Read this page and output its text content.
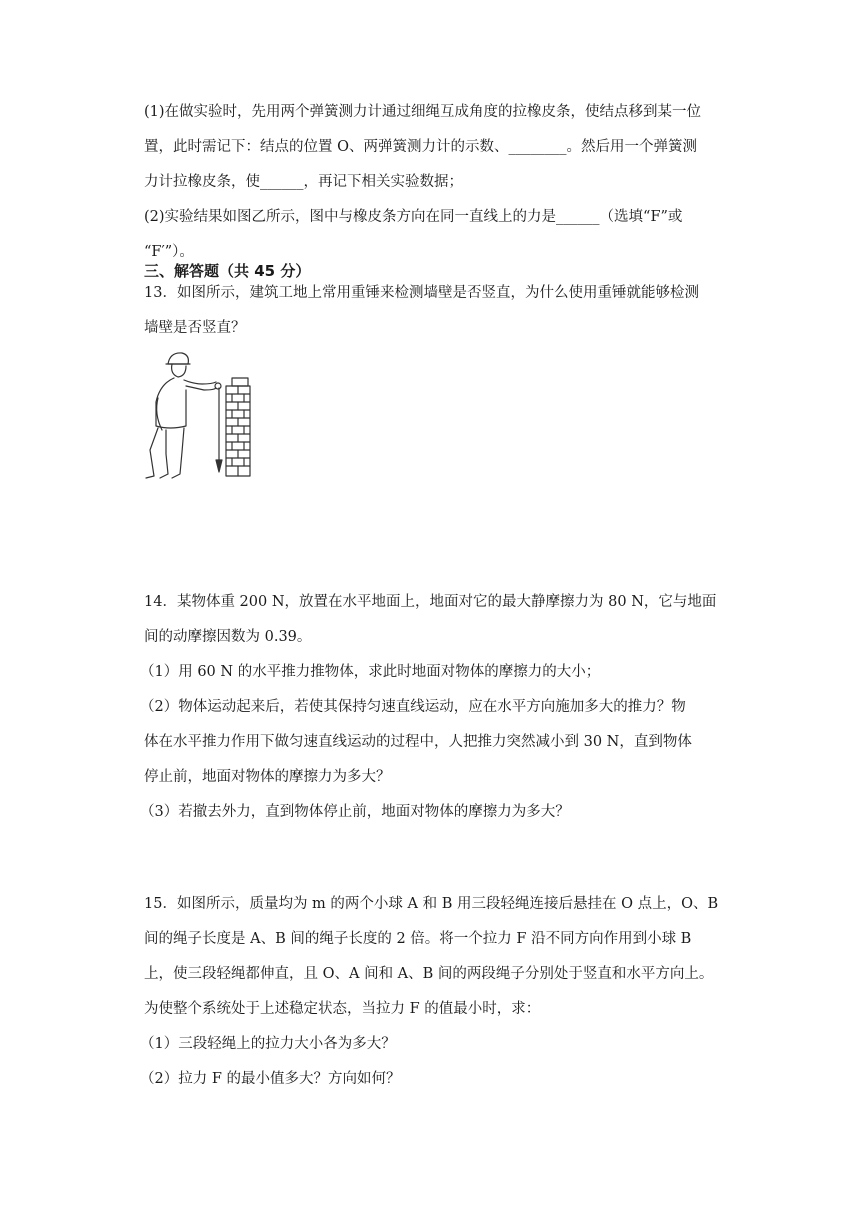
(1)在做实验时，先用两个弹簧测力计通过细绳互成角度的拉橡皮条，使结点移到某一位
置，此时需记下：结点的位置 O、两弹簧测力计的示数、________。然后用一个弹簧测
力计拉橡皮条，使______，再记下相关实验数据；
(2)实验结果如图乙所示，图中与橡皮条方向在同一直线上的力是______（选填“F”或
“F′”）。
三、解答题（共 45 分）
13．如图所示，建筑工地上常用重锤来检测墙壁是否竖直，为什么使用重锤就能够检测
墙壁是否竖直？
14．某物体重 200 N，放置在水平地面上，地面对它的最大静摩擦力为 80 N，它与地面
间的动摩擦因数为 0.39。
（1）用 60 N 的水平推力推物体，求此时地面对物体的摩擦力的大小；
（2）物体运动起来后，若使其保持匀速直线运动，应在水平方向施加多大的推力？物
体在水平推力作用下做匀速直线运动的过程中，人把推力突然减小到 30 N，直到物体
停止前，地面对物体的摩擦力为多大？
（3）若撤去外力，直到物体停止前，地面对物体的摩擦力为多大？
15．如图所示，质量均为 m 的两个小球 A 和 B 用三段轻绳连接后悬挂在 O 点上，O、B
间的绳子长度是 A、B 间的绳子长度的 2 倍。将一个拉力 F 沿不同方向作用到小球 B
上，使三段轻绳都伸直，且 O、A 间和 A、B 间的两段绳子分别处于竖直和水平方向上。
为使整个系统处于上述稳定状态，当拉力 F 的值最小时，求：
（1）三段轻绳上的拉力大小各为多大？
（2）拉力 F 的最小值多大？方向如何？
